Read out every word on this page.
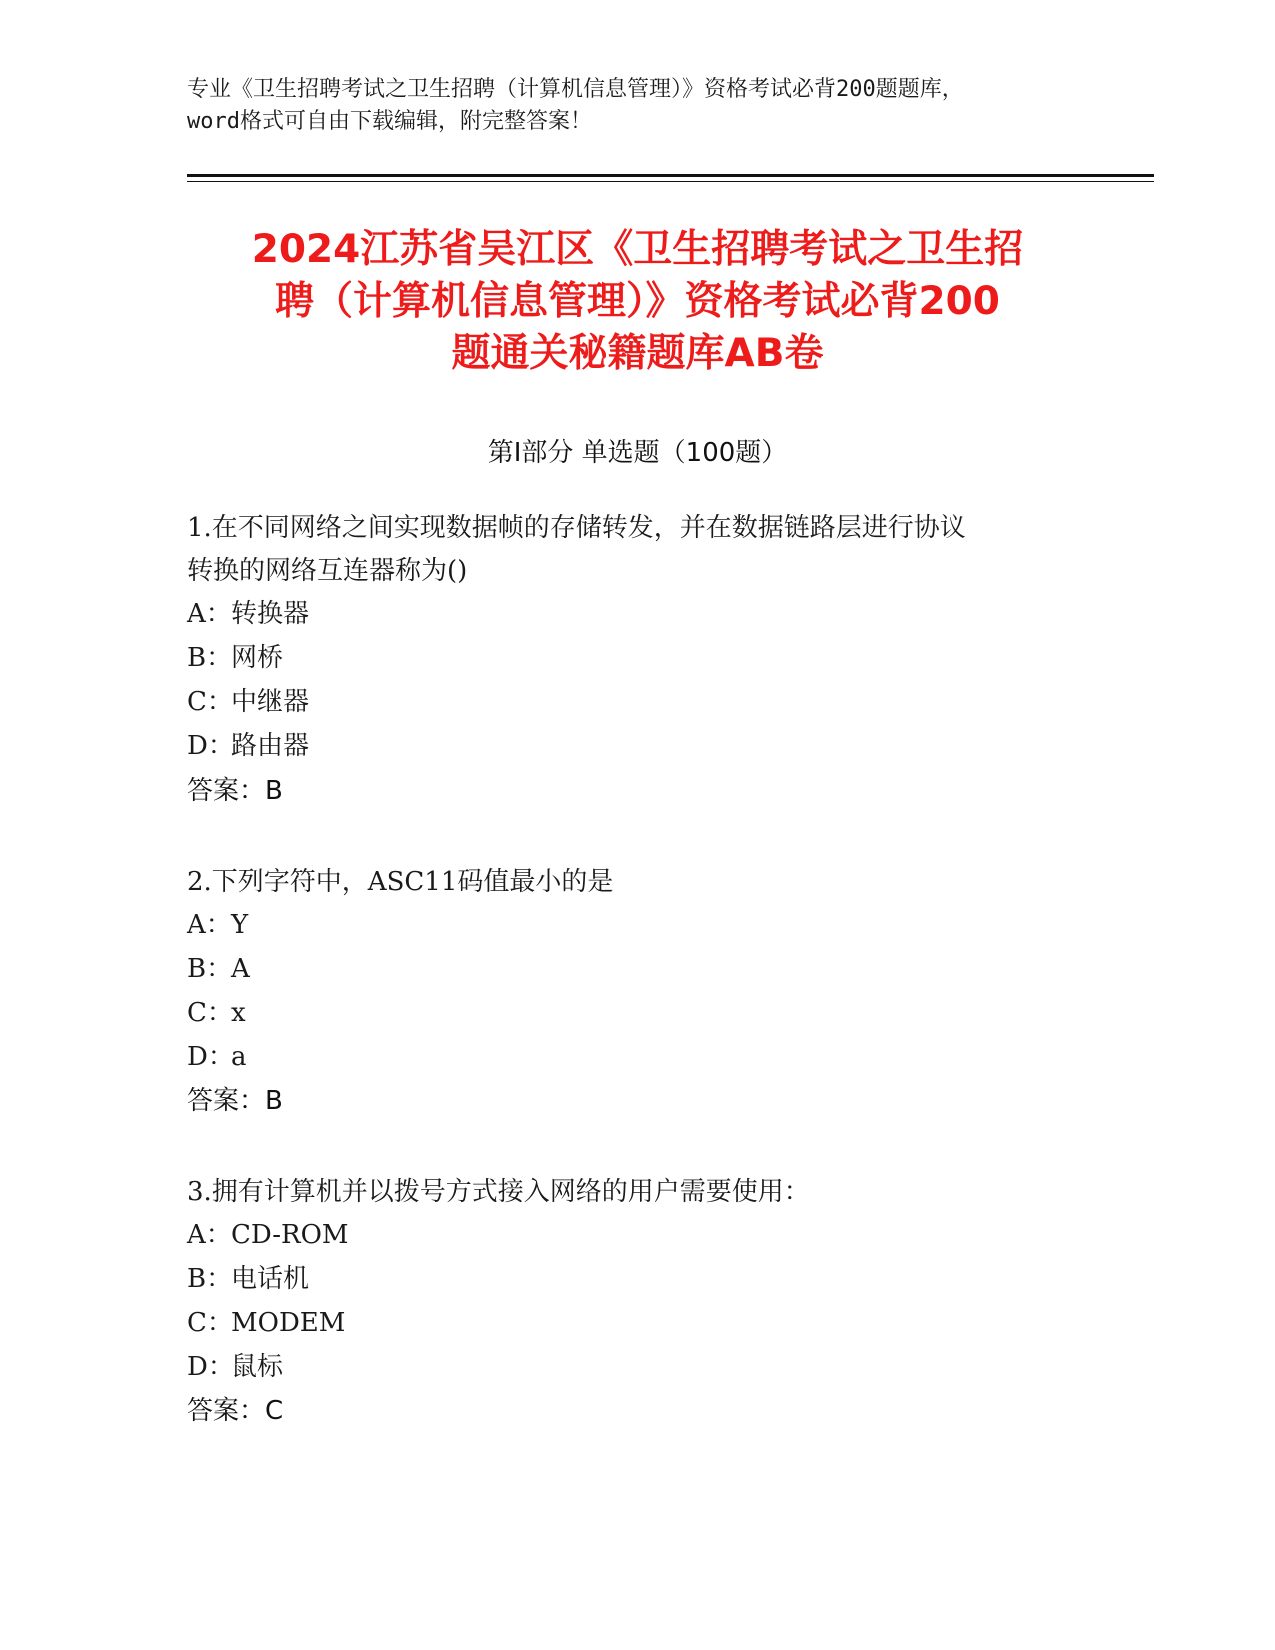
专业《卫生招聘考试之卫生招聘（计算机信息管理）》资格考试必背200题题库，
word格式可自由下载编辑，附完整答案！
2024江苏省吴江区《卫生招聘考试之卫生招
聘（计算机信息管理）》资格考试必背200
题通关秘籍题库AB卷
第Ⅰ部分 单选题（100题）
1.在不同网络之间实现数据帧的存储转发，并在数据链路层进行协议
转换的网络互连器称为()
A：转换器
B：网桥
C：中继器
D：路由器
答案：B
2.下列字符中，ASC11码值最小的是
A：Y
B：A
C：x
D：a
答案：B
3.拥有计算机并以拨号方式接入网络的用户需要使用：
A：CD-ROM
B：电话机
C：MODEM
D：鼠标
答案：C
